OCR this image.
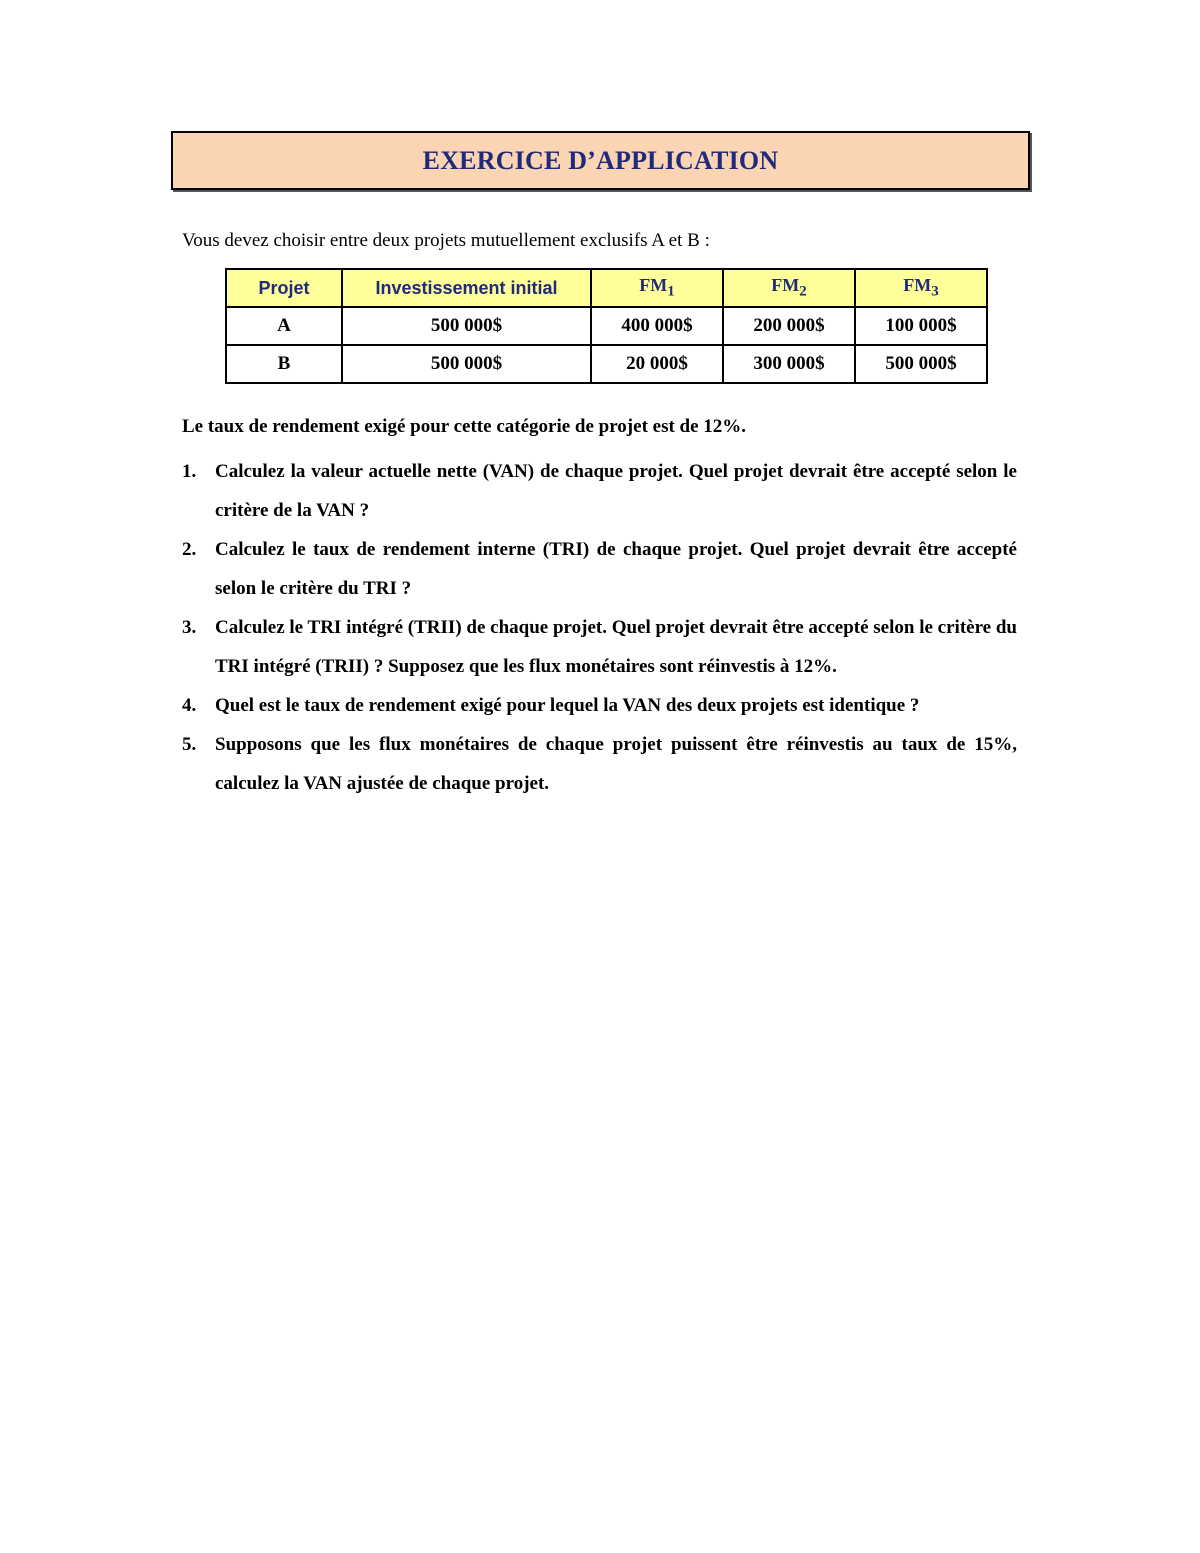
EXERCICE D’APPLICATION
Vous devez choisir entre deux projets mutuellement exclusifs A et B :
Projet	Investissement initial	$FM_1$	$FM_2$	$FM_3$
A	500 000$	400 000$	200 000$	100 000$
B	500 000$	20 000$	300 000$	500 000$
Le taux de rendement exigé pour cette catégorie de projet est de 12%.
1. Calculez la valeur actuelle nette (VAN) de chaque projet. Quel projet devrait être accepté selon le critère de la VAN ?
2. Calculez le taux de rendement interne (TRI) de chaque projet. Quel projet devrait être accepté selon le critère du TRI ?
3. Calculez le TRI intégré (TRII) de chaque projet. Quel projet devrait être accepté selon le critère du TRI intégré (TRII) ? Supposez que les flux monétaires sont réinvestis à 12%.
4. Quel est le taux de rendement exigé pour lequel la VAN des deux projets est identique ?
5. Supposons que les flux monétaires de chaque projet puissent être réinvestis au taux de 15%, calculez la VAN ajustée de chaque projet.
